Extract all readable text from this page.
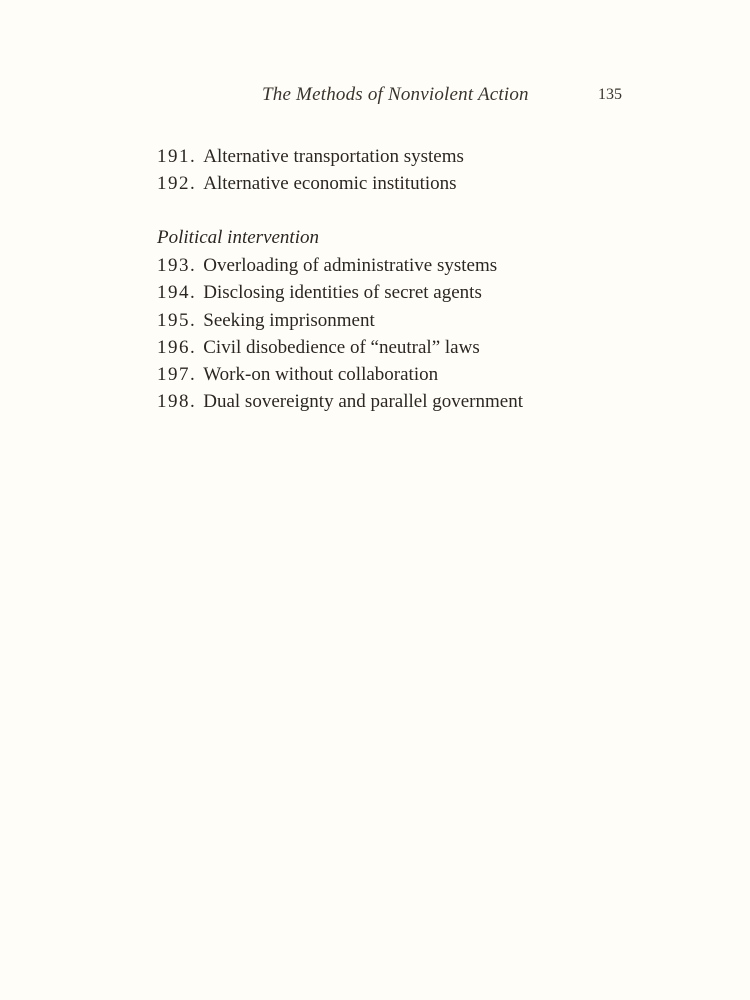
The Methods of Nonviolent Action	135
191. Alternative transportation systems
192. Alternative economic institutions
Political intervention
193. Overloading of administrative systems
194. Disclosing identities of secret agents
195. Seeking imprisonment
196. Civil disobedience of “neutral” laws
197. Work-on without collaboration
198. Dual sovereignty and parallel government
